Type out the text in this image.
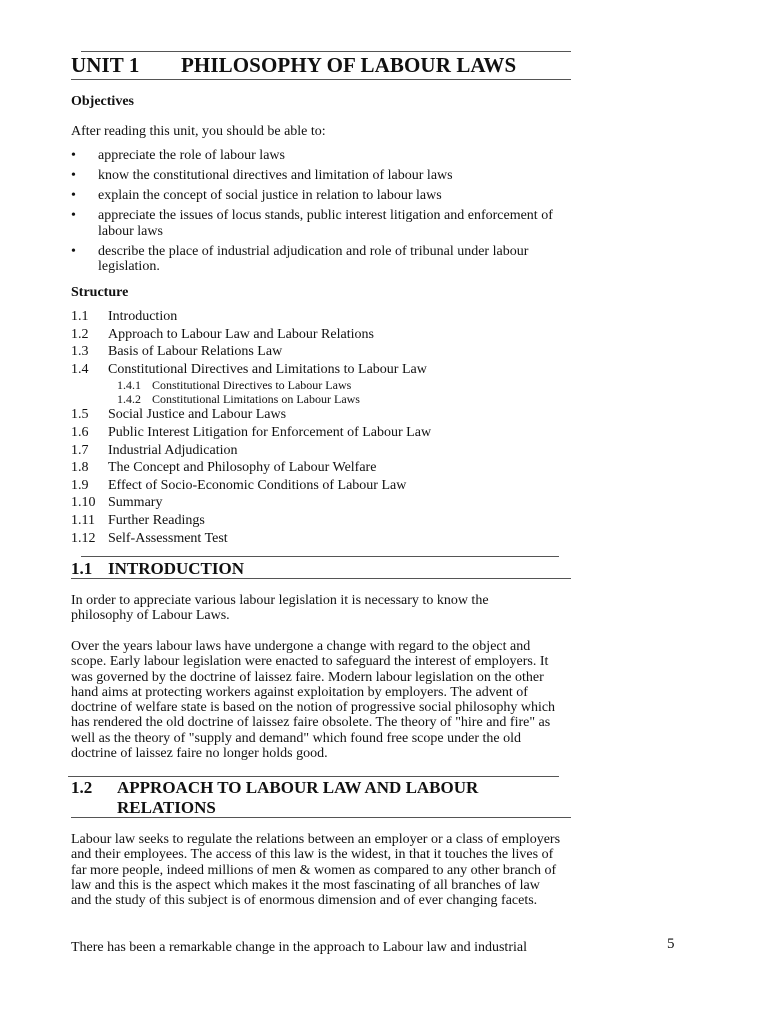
UNIT 1 PHILOSOPHY OF LABOUR LAWS
Objectives
After reading this unit, you should be able to:
• appreciate the role of labour laws
• know the constitutional directives and limitation of labour laws
• explain the concept of social justice in relation to labour laws
• appreciate the issues of locus stands, public interest litigation and enforcement of labour laws
• describe the place of industrial adjudication and role of tribunal under labour legislation.
Structure
1.1	Introduction
1.2	Approach to Labour Law and Labour Relations
1.3	Basis of Labour Relations Law
1.4	Constitutional Directives and Limitations to Labour Law
1.4.1 Constitutional Directives to Labour Laws
1.4.2 Constitutional Limitations on Labour Laws
1.5	Social Justice and Labour Laws
1.6	Public Interest Litigation for Enforcement of Labour Law
1.7	Industrial Adjudication
1.8	The Concept and Philosophy of Labour Welfare
1.9	Effect of Socio-Economic Conditions of Labour Law
1.10 Summary
1.11 Further Readings
1.12 Self-Assessment Test
1.1 INTRODUCTION
In order to appreciate various labour legislation it is necessary to know the philosophy of Labour Laws.
Over the years labour laws have undergone a change with regard to the object and scope. Early labour legislation were enacted to safeguard the interest of employers. It was governed by the doctrine of laissez faire. Modern labour legislation on the other hand aims at protecting workers against exploitation by employers. The advent of doctrine of welfare state is based on the notion of progressive social philosophy which has rendered the old doctrine of laissez faire obsolete. The theory of "hire and fire" as well as the theory of "supply and demand" which found free scope under the old doctrine of laissez faire no longer holds good.
1.2	APPROACH TO LABOUR LAW AND LABOUR RELATIONS
Labour law seeks to regulate the relations between an employer or a class of employers and their employees. The access of this law is the widest, in that it touches the lives of far more people, indeed millions of men & women as compared to any other branch of law and this is the aspect which makes it the most fascinating of all branches of law and the study of this subject is of enormous dimension and of ever changing facets.
There has been a remarkable change in the approach to Labour law and industrial	5
